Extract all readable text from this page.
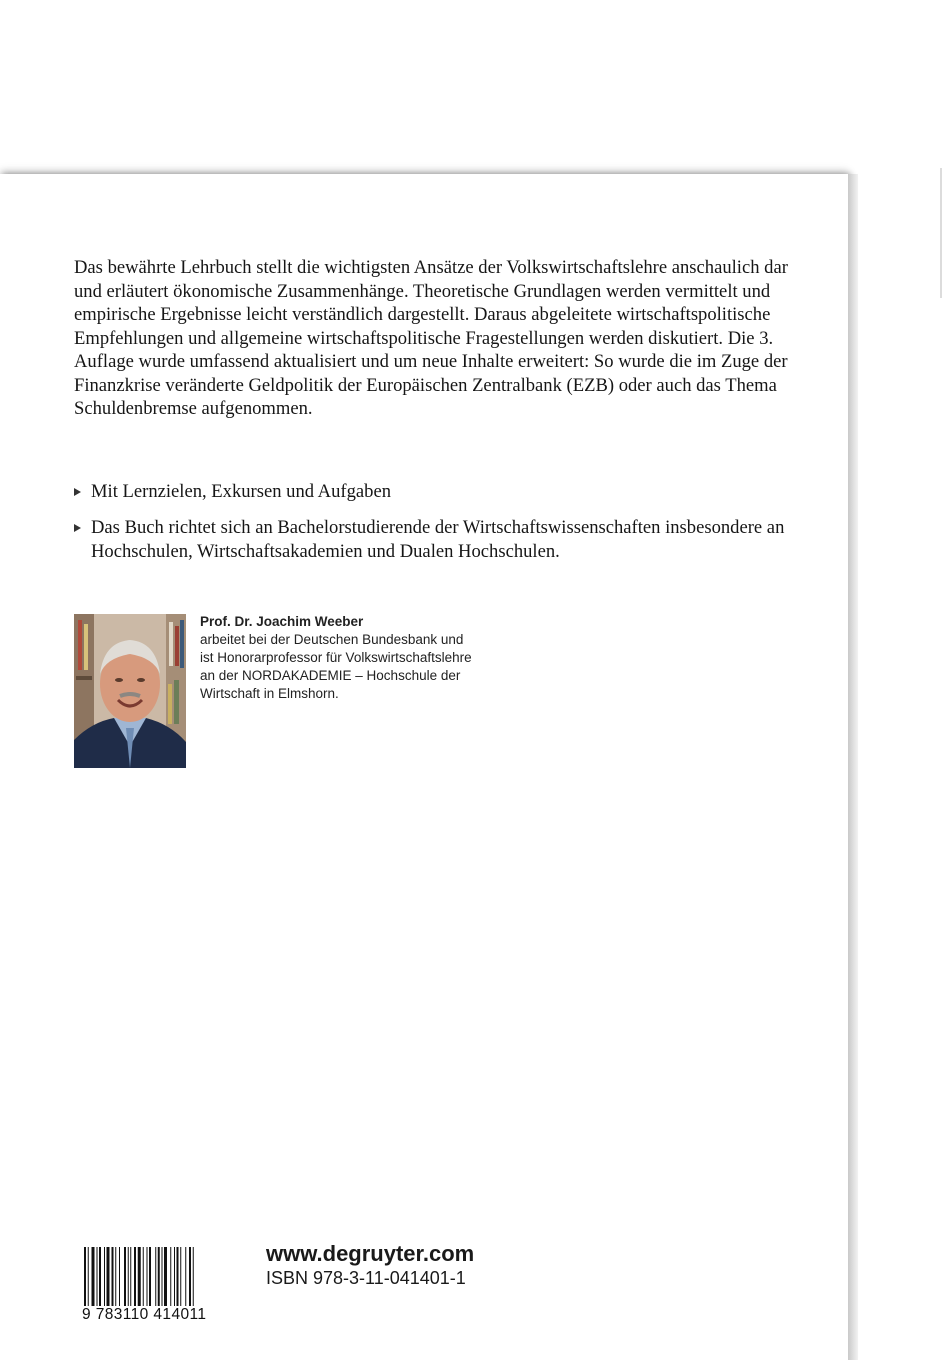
Das bewährte Lehrbuch stellt die wichtigsten Ansätze der Volkswirtschaftslehre anschaulich dar und erläutert ökonomische Zusammenhänge. Theoretische Grundlagen werden vermittelt und empirische Ergebnisse leicht verständlich dargestellt. Daraus abgeleitete wirtschaftspolitische Empfehlungen und allgemeine wirtschaftspolitische Fragestellungen werden diskutiert. Die 3. Auflage wurde umfassend aktualisiert und um neue Inhalte erweitert: So wurde die im Zuge der Finanzkrise veränderte Geldpolitik der Europäischen Zentralbank (EZB) oder auch das Thema Schuldenbremse aufgenommen.

Mit Lernzielen, Exkursen und Aufgaben
Das Buch richtet sich an Bachelorstudierende der Wirtschaftswissenschaften insbesondere an Hochschulen, Wirtschaftsakademien und Dualen Hochschulen.
Prof. Dr. Joachim Weeber
arbeitet bei der Deutschen Bundesbank und
ist Honorarprofessor für Volkswirtschaftslehre
an der NORDAKADEMIE – Hochschule der
Wirtschaft in Elmshorn.
9 783110 414011
www.degruyter.com
ISBN 978-3-11-041401-1
